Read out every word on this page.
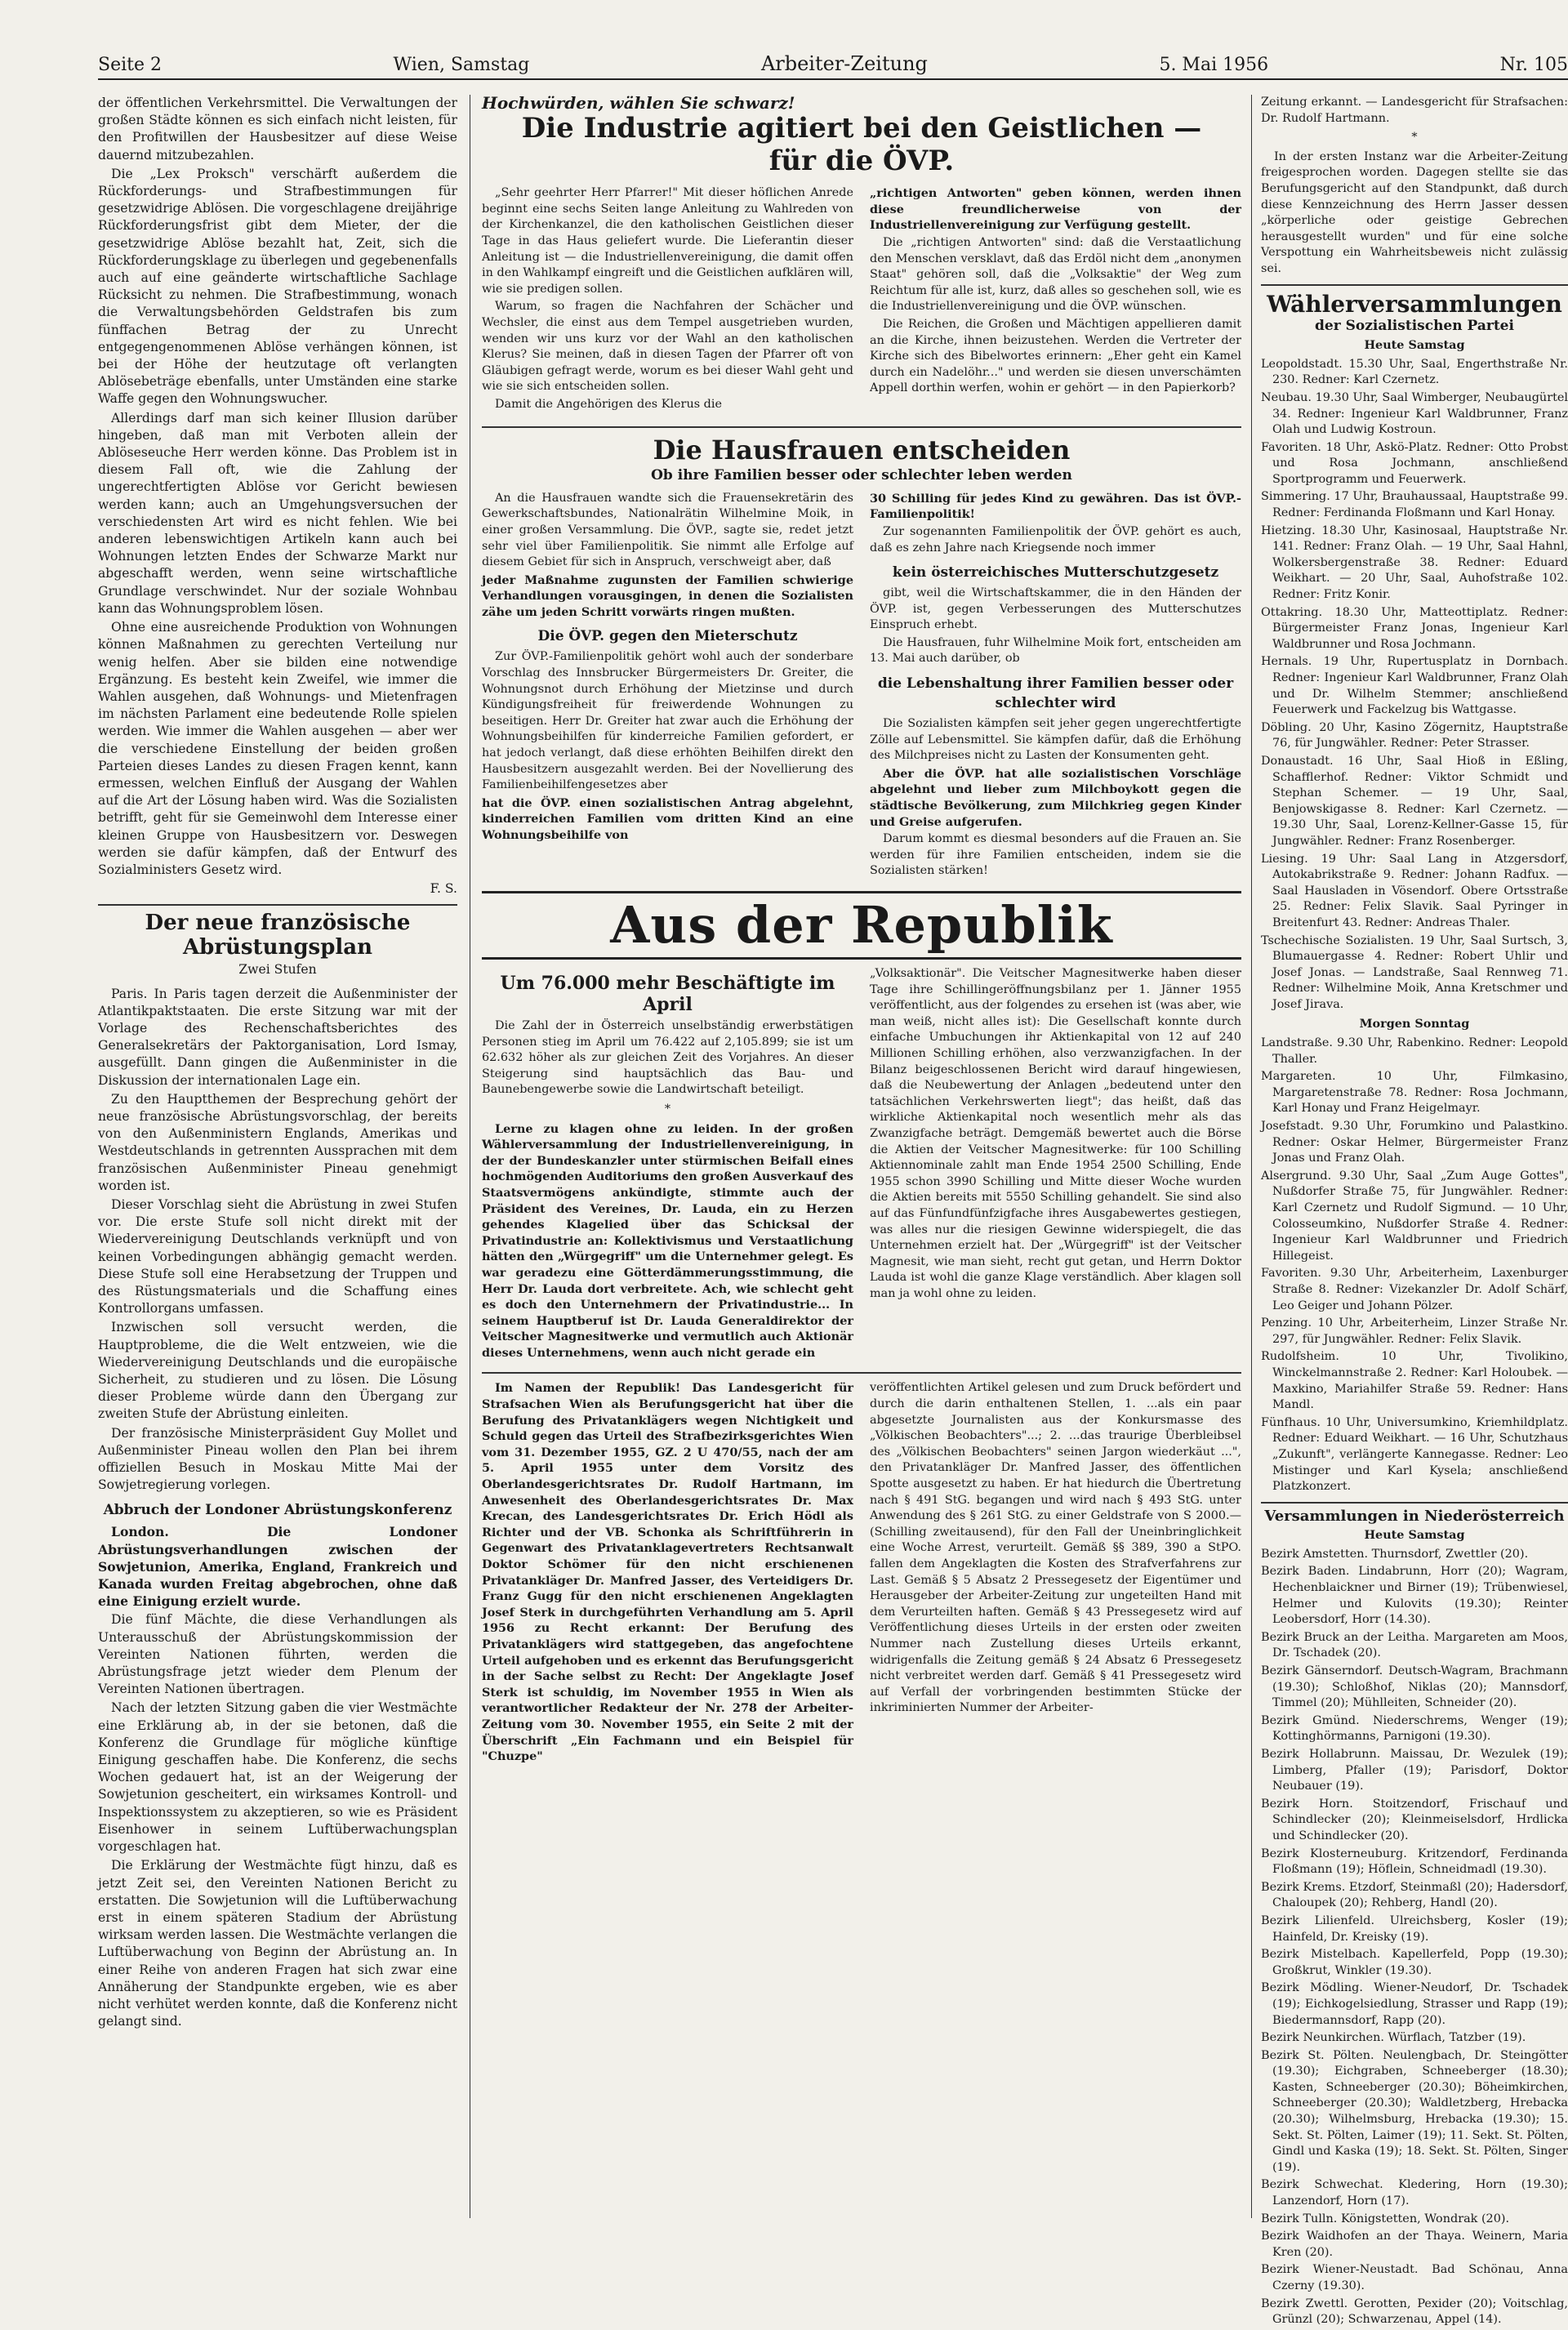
Seite 2	Wien, Samstag	Arbeiter-Zeitung	5. Mai 1956	Nr. 105

der öffentlichen Verkehrsmittel. Die Verwaltungen der großen Städte können es sich einfach nicht leisten, für den Profitwillen der Hausbesitzer auf diese Weise dauernd mitzubezahlen.

Die „Lex Proksch" verschärft außerdem die Rückforderungs- und Strafbestimmungen für gesetzwidrige Ablösen. Die vorgeschlagene dreijährige Rückforderungsfrist gibt dem Mieter, der die gesetzwidrige Ablöse bezahlt hat, Zeit, sich die Rückforderungsklage zu überlegen und gegebenenfalls auch auf eine geänderte wirtschaftliche Sachlage Rücksicht zu nehmen. Die Strafbestimmung, wonach die Verwaltungsbehörden Geldstrafen bis zum fünffachen Betrag der zu Unrecht entgegengenommenen Ablöse verhängen können, ist bei der Höhe der heutzutage oft verlangten Ablösebeträge ebenfalls, unter Umständen eine starke Waffe gegen den Wohnungswucher.

Allerdings darf man sich keiner Illusion darüber hingeben, daß man mit Verboten allein der Ablöseseuche Herr werden könne. Das Problem ist in diesem Fall oft, wie die Zahlung der ungerechtfertigten Ablöse vor Gericht bewiesen werden kann; auch an Umgehungsversuchen der verschiedensten Art wird es nicht fehlen. Wie bei anderen lebenswichtigen Artikeln kann auch bei Wohnungen letzten Endes der Schwarze Markt nur abgeschafft werden, wenn seine wirtschaftliche Grundlage verschwindet. Nur der soziale Wohnbau kann das Wohnungsproblem lösen.

Ohne eine ausreichende Produktion von Wohnungen können Maßnahmen zu gerechten Verteilung nur wenig helfen. Aber sie bilden eine notwendige Ergänzung. Es besteht kein Zweifel, wie immer die Wahlen ausgehen, daß Wohnungs- und Mietenfragen im nächsten Parlament eine bedeutende Rolle spielen werden. Wie immer die Wahlen ausgehen — aber wer die verschiedene Einstellung der beiden großen Parteien dieses Landes zu diesen Fragen kennt, kann ermessen, welchen Einfluß der Ausgang der Wahlen auf die Art der Lösung haben wird. Was die Sozialisten betrifft, geht für sie Gemeinwohl dem Interesse einer kleinen Gruppe von Hausbesitzern vor. Deswegen werden sie dafür kämpfen, daß der Entwurf des Sozialministers Gesetz wird.

F. S.

Der neue französische Abrüstungsplan
Zwei Stufen

Paris. In Paris tagen derzeit die Außenminister der Atlantikpaktstaaten. Die erste Sitzung war mit der Vorlage des Rechenschaftsberichtes des Generalsekretärs der Paktorganisation, Lord Ismay, ausgefüllt. Dann gingen die Außenminister in die Diskussion der internationalen Lage ein.

Zu den Hauptthemen der Besprechung gehört der neue französische Abrüstungsvorschlag, der bereits von den Außenministern Englands, Amerikas und Westdeutschlands in getrennten Aussprachen mit dem französischen Außenminister Pineau genehmigt worden ist.

Dieser Vorschlag sieht die Abrüstung in zwei Stufen vor. Die erste Stufe soll nicht direkt mit der Wiedervereinigung Deutschlands verknüpft und von keinen Vorbedingungen abhängig gemacht werden. Diese Stufe soll eine Herabsetzung der Truppen und des Rüstungsmaterials und die Schaffung eines Kontrollorgans umfassen.

Inzwischen soll versucht werden, die Hauptprobleme, die die Welt entzweien, wie die Wiedervereinigung Deutschlands und die europäische Sicherheit, zu studieren und zu lösen. Die Lösung dieser Probleme würde dann den Übergang zur zweiten Stufe der Abrüstung einleiten.

Der französische Ministerpräsident Guy Mollet und Außenminister Pineau wollen den Plan bei ihrem offiziellen Besuch in Moskau Mitte Mai der Sowjetregierung vorlegen.

Abbruch der Londoner Abrüstungskonferenz

London. Die Londoner Abrüstungsverhandlungen zwischen der Sowjetunion, Amerika, England, Frankreich und Kanada wurden Freitag abgebrochen, ohne daß eine Einigung erzielt wurde.

Die fünf Mächte, die diese Verhandlungen als Unterausschuß der Abrüstungskommission der Vereinten Nationen führten, werden die Abrüstungsfrage jetzt wieder dem Plenum der Vereinten Nationen übertragen.

Nach der letzten Sitzung gaben die vier Westmächte eine Erklärung ab, in der sie betonen, daß die Konferenz die Grundlage für mögliche künftige Einigung geschaffen habe. Die Konferenz, die sechs Wochen gedauert hat, ist an der Weigerung der Sowjetunion gescheitert, ein wirksames Kontroll- und Inspektionssystem zu akzeptieren, so wie es Präsident Eisenhower in seinem Luftüberwachungsplan vorgeschlagen hat.

Die Erklärung der Westmächte fügt hinzu, daß es jetzt Zeit sei, den Vereinten Nationen Bericht zu erstatten. Die Sowjetunion will die Luftüberwachung erst in einem späteren Stadium der Abrüstung wirksam werden lassen. Die Westmächte verlangen die Luftüberwachung von Beginn der Abrüstung an. In einer Reihe von anderen Fragen hat sich zwar eine Annäherung der Standpunkte ergeben, wie es aber nicht verhütet werden konnte, daß die Konferenz nicht gelangt sind.

Hochwürden, wählen Sie schwarz!
Die Industrie agitiert bei den Geistlichen —
für die ÖVP.

„Sehr geehrter Herr Pfarrer!" Mit dieser höflichen Anrede beginnt eine sechs Seiten lange Anleitung zu Wahlreden von der Kirchenkanzel, die den katholischen Geistlichen dieser Tage in das Haus geliefert wurde. Die Lieferantin dieser Anleitung ist — die Industriellenvereinigung, die damit offen in den Wahlkampf eingreift und die Geistlichen aufklären will, wie sie predigen sollen.

Warum, so fragen die Nachfahren der Schächer und Wechsler, die einst aus dem Tempel ausgetrieben wurden, wenden wir uns kurz vor der Wahl an den katholischen Klerus? Sie meinen, daß in diesen Tagen der Pfarrer oft von Gläubigen gefragt werde, worum es bei dieser Wahl geht und wie sie sich entscheiden sollen.

Damit die Angehörigen des Klerus die

„richtigen Antworten" geben können, werden ihnen diese freundlicherweise von der Industriellenvereinigung zur Verfügung gestellt.

Die „richtigen Antworten" sind: daß die Verstaatlichung den Menschen versklavt, daß das Erdöl nicht dem „anonymen Staat" gehören soll, daß die „Volksaktie" der Weg zum Reichtum für alle ist, kurz, daß alles so geschehen soll, wie es die Industriellenvereinigung und die ÖVP. wünschen.

Die Reichen, die Großen und Mächtigen appellieren damit an die Kirche, ihnen beizustehen. Werden die Vertreter der Kirche sich des Bibelwortes erinnern: „Eher geht ein Kamel durch ein Nadelöhr..." und werden sie diesen unverschämten Appell dorthin werfen, wohin er gehört — in den Papierkorb?

Die Hausfrauen entscheiden
Ob ihre Familien besser oder schlechter leben werden

An die Hausfrauen wandte sich die Frauensekretärin des Gewerkschaftsbundes, Nationalrätin Wilhelmine Moik, in einer großen Versammlung. Die ÖVP., sagte sie, redet jetzt sehr viel über Familienpolitik. Sie nimmt alle Erfolge auf diesem Gebiet für sich in Anspruch, verschweigt aber, daß

jeder Maßnahme zugunsten der Familien schwierige Verhandlungen vorausgingen, in denen die Sozialisten zähe um jeden Schritt vorwärts ringen mußten.

Die ÖVP. gegen den Mieterschutz

Zur ÖVP.-Familienpolitik gehört wohl auch der sonderbare Vorschlag des Innsbrucker Bürgermeisters Dr. Greiter, die Wohnungsnot durch Erhöhung der Mietzinse und durch Kündigungsfreiheit für freiwerdende Wohnungen zu beseitigen. Herr Dr. Greiter hat zwar auch die Erhöhung der Wohnungsbeihilfen für kinderreiche Familien gefordert, er hat jedoch verlangt, daß diese erhöhten Beihilfen direkt den Hausbesitzern ausgezahlt werden. Bei der Novellierung des Familienbeihilfengesetzes aber

hat die ÖVP. einen sozialistischen Antrag abgelehnt, kinderreichen Familien vom dritten Kind an eine Wohnungsbeihilfe von

30 Schilling für jedes Kind zu gewähren. Das ist ÖVP.-Familienpolitik!

Zur sogenannten Familienpolitik der ÖVP. gehört es auch, daß es zehn Jahre nach Kriegsende noch immer

kein österreichisches Mutterschutzgesetz

gibt, weil die Wirtschaftskammer, die in den Händen der ÖVP. ist, gegen Verbesserungen des Mutterschutzes Einspruch erhebt.

Die Hausfrauen, fuhr Wilhelmine Moik fort, entscheiden am 13. Mai auch darüber, ob

die Lebenshaltung ihrer Familien besser oder schlechter wird

Die Sozialisten kämpfen seit jeher gegen ungerechtfertigte Zölle auf Lebensmittel. Sie kämpfen dafür, daß die Erhöhung des Milchpreises nicht zu Lasten der Konsumenten geht.

Aber die ÖVP. hat alle sozialistischen Vorschläge abgelehnt und lieber zum Milchboykott gegen die städtische Bevölkerung, zum Milchkrieg gegen Kinder und Greise aufgerufen.

Darum kommt es diesmal besonders auf die Frauen an. Sie werden für ihre Familien entscheiden, indem sie die Sozialisten stärken!

Aus der Republik
Um 76.000 mehr Beschäftigte im April

Die Zahl der in Österreich unselbständig erwerbstätigen Personen stieg im April um 76.422 auf 2,105.899; sie ist um 62.632 höher als zur gleichen Zeit des Vorjahres. An dieser Steigerung sind hauptsächlich das Bau- und Baunebengewerbe sowie die Landwirtschaft beteiligt.

*

Lerne zu klagen ohne zu leiden. In der großen Wählerversammlung der Industriellenvereinigung, in der der Bundeskanzler unter stürmischen Beifall eines hochmögenden Auditoriums den großen Ausverkauf des Staatsvermögens ankündigte, stimmte auch der Präsident des Vereines, Dr. Lauda, ein zu Herzen gehendes Klagelied über das Schicksal der Privatindustrie an: Kollektivismus und Verstaatlichung hätten den „Würgegriff" um die Unternehmer gelegt. Es war geradezu eine Götterdämmerungsstimmung, die Herr Dr. Lauda dort verbreitete. Ach, wie schlecht geht es doch den Unternehmern der Privatindustrie... In seinem Hauptberuf ist Dr. Lauda Generaldirektor der Veitscher Magnesitwerke und vermutlich auch Aktionär dieses Unternehmens, wenn auch nicht gerade ein

„Volksaktionär". Die Veitscher Magnesitwerke haben dieser Tage ihre Schillingeröffnungsbilanz per 1. Jänner 1955 veröffentlicht, aus der folgendes zu ersehen ist (was aber, wie man weiß, nicht alles ist): Die Gesellschaft konnte durch einfache Umbuchungen ihr Aktienkapital von 12 auf 240 Millionen Schilling erhöhen, also verzwanzigfachen. In der Bilanz beigeschlossenen Bericht wird darauf hingewiesen, daß die Neubewertung der Anlagen „bedeutend unter den tatsächlichen Verkehrswerten liegt"; das heißt, daß das wirkliche Aktienkapital noch wesentlich mehr als das Zwanzigfache beträgt. Demgemäß bewertet auch die Börse die Aktien der Veitscher Magnesitwerke: für 100 Schilling Aktiennominale zahlt man Ende 1954 2500 Schilling, Ende 1955 schon 3990 Schilling und Mitte dieser Woche wurden die Aktien bereits mit 5550 Schilling gehandelt. Sie sind also auf das Fünfundfünfzigfache ihres Ausgabewertes gestiegen, was alles nur die riesigen Gewinne widerspiegelt, die das Unternehmen erzielt hat. Der „Würgegriff" ist der Veitscher Magnesit, wie man sieht, recht gut getan, und Herrn Doktor Lauda ist wohl die ganze Klage verständlich. Aber klagen soll man ja wohl ohne zu leiden.

Im Namen der Republik! Das Landesgericht für Strafsachen Wien als Berufungsgericht hat über die Berufung des Privatanklägers wegen Nichtigkeit und Schuld gegen das Urteil des Strafbezirksgerichtes Wien vom 31. Dezember 1955, GZ. 2 U 470/55, nach der am 5. April 1955 unter dem Vorsitz des Oberlandesgerichtsrates Dr. Rudolf Hartmann, im Anwesenheit des Oberlandesgerichtsrates Dr. Max Krecan, des Landesgerichtsrates Dr. Erich Hödl als Richter und der VB. Schonka als Schriftführerin in Gegenwart des Privatanklagevertreters Rechtsanwalt Doktor Schömer für den nicht erschienenen Privatankläger Dr. Manfred Jasser, des Verteidigers Dr. Franz Gugg für den nicht erschienenen Angeklagten Josef Sterk in durchgeführten Verhandlung am 5. April 1956 zu Recht erkannt: Der Berufung des Privatanklägers wird stattgegeben, das angefochtene Urteil aufgehoben und es erkennt das Berufungsgericht in der Sache selbst zu Recht: Der Angeklagte Josef Sterk ist schuldig, im November 1955 in Wien als verantwortlicher Redakteur der Nr. 278 der Arbeiter-Zeitung vom 30. November 1955, ein Seite 2 mit der Überschrift „Ein Fachmann und ein Beispiel für "Chuzpe"

veröffentlichten Artikel gelesen und zum Druck befördert und durch die darin enthaltenen Stellen, 1. ...als ein paar abgesetzte Journalisten aus der Konkursmasse des „Völkischen Beobachters"...; 2. ...das traurige Überbleibsel des „Völkischen Beobachters" seinen Jargon wiederkäut ...", den Privatankläger Dr. Manfred Jasser, des öffentlichen Spotte ausgesetzt zu haben. Er hat hiedurch die Übertretung nach § 491 StG. begangen und wird nach § 493 StG. unter Anwendung des § 261 StG. zu einer Geldstrafe von S 2000.— (Schilling zweitausend), für den Fall der Uneinbringlichkeit eine Woche Arrest, verurteilt. Gemäß §§ 389, 390 a StPO. fallen dem Angeklagten die Kosten des Strafverfahrens zur Last. Gemäß § 5 Absatz 2 Pressegesetz der Eigentümer und Herausgeber der Arbeiter-Zeitung zur ungeteilten Hand mit dem Verurteilten haften. Gemäß § 43 Pressegesetz wird auf Veröffentlichung dieses Urteils in der ersten oder zweiten Nummer nach Zustellung dieses Urteils erkannt, widrigenfalls die Zeitung gemäß § 24 Absatz 6 Pressegesetz nicht verbreitet werden darf. Gemäß § 41 Pressegesetz wird auf Verfall der vorbringenden bestimmten Stücke der inkriminierten Nummer der Arbeiter-

Zeitung erkannt. — Landesgericht für Strafsachen: Dr. Rudolf Hartmann.

*

In der ersten Instanz war die Arbeiter-Zeitung freigesprochen worden. Dagegen stellte sie das Berufungsgericht auf den Standpunkt, daß durch diese Kennzeichnung des Herrn Jasser dessen „körperliche oder geistige Gebrechen herausgestellt wurden" und für eine solche Verspottung ein Wahrheitsbeweis nicht zulässig sei.

Wählerversammlungen
der Sozialistischen Partei
Heute Samstag

Leopoldstadt. 15.30 Uhr, Saal, Engerthstraße Nr. 230. Redner: Karl Czernetz.

Neubau. 19.30 Uhr, Saal Wimberger, Neubaugürtel 34. Redner: Ingenieur Karl Waldbrunner, Franz Olah und Ludwig Kostroun.

Favoriten. 18 Uhr, Askö-Platz. Redner: Otto Probst und Rosa Jochmann, anschließend Sportprogramm und Feuerwerk.

Simmering. 17 Uhr, Brauhaussaal, Hauptstraße 99. Redner: Ferdinanda Floßmann und Karl Honay.

Hietzing. 18.30 Uhr, Kasinosaal, Hauptstraße Nr. 141. Redner: Franz Olah. — 19 Uhr, Saal Hahnl, Wolkersbergenstraße 38. Redner: Eduard Weikhart. — 20 Uhr, Saal, Auhofstraße 102. Redner: Fritz Konir.

Ottakring. 18.30 Uhr, Matteottiplatz. Redner: Bürgermeister Franz Jonas, Ingenieur Karl Waldbrunner und Rosa Jochmann.

Hernals. 19 Uhr, Rupertusplatz in Dornbach. Redner: Ingenieur Karl Waldbrunner, Franz Olah und Dr. Wilhelm Stemmer; anschließend Feuerwerk und Fackelzug bis Wattgasse.

Döbling. 20 Uhr, Kasino Zögernitz, Hauptstraße 76, für Jungwähler. Redner: Peter Strasser.

Donaustadt. 16 Uhr, Saal Hioß in Eßling, Schafflerhof. Redner: Viktor Schmidt und Stephan Schemer. — 19 Uhr, Saal, Benjowskigasse 8. Redner: Karl Czernetz. — 19.30 Uhr, Saal, Lorenz-Kellner-Gasse 15, für Jungwähler. Redner: Franz Rosenberger.

Liesing. 19 Uhr: Saal Lang in Atzgersdorf, Autokabrikstraße 9. Redner: Johann Radfux. — Saal Hausladen in Vösendorf. Obere Ortsstraße 25. Redner: Felix Slavik. Saal Pyringer in Breitenfurt 43. Redner: Andreas Thaler.

Tschechische Sozialisten. 19 Uhr, Saal Surtsch, 3, Blumauergasse 4. Redner: Robert Uhlir und Josef Jonas. — Landstraße, Saal Rennweg 71. Redner: Wilhelmine Moik, Anna Kretschmer und Josef Jirava.

Morgen Sonntag

Landstraße. 9.30 Uhr, Rabenkino. Redner: Leopold Thaller.

Margareten. 10 Uhr, Filmkasino, Margaretenstraße 78. Redner: Rosa Jochmann, Karl Honay und Franz Heigelmayr.

Josefstadt. 9.30 Uhr, Forumkino und Palastkino. Redner: Oskar Helmer, Bürgermeister Franz Jonas und Franz Olah.

Alsergrund. 9.30 Uhr, Saal „Zum Auge Gottes", Nußdorfer Straße 75, für Jungwähler. Redner: Karl Czernetz und Rudolf Sigmund. — 10 Uhr, Colosseumkino, Nußdorfer Straße 4. Redner: Ingenieur Karl Waldbrunner und Friedrich Hillegeist.

Favoriten. 9.30 Uhr, Arbeiterheim, Laxenburger Straße 8. Redner: Vizekanzler Dr. Adolf Schärf, Leo Geiger und Johann Pölzer.

Penzing. 10 Uhr, Arbeiterheim, Linzer Straße Nr. 297, für Jungwähler. Redner: Felix Slavik.

Rudolfsheim. 10 Uhr, Tivolikino, Winckelmannstraße 2. Redner: Karl Holoubek. — Maxkino, Mariahilfer Straße 59. Redner: Hans Mandl.

Fünfhaus. 10 Uhr, Universumkino, Kriemhildplatz. Redner: Eduard Weikhart. — 16 Uhr, Schutzhaus „Zukunft", verlängerte Kannegasse. Redner: Leo Mistinger und Karl Kysela; anschließend Platzkonzert.

Versammlungen in Niederösterreich
Heute Samstag

Bezirk Amstetten. Thurnsdorf, Zwettler (20).

Bezirk Baden. Lindabrunn, Horr (20); Wagram, Hechenblaickner und Birner (19); Trübenwiesel, Helmer und Kulovits (19.30); Reinter Leobersdorf, Horr (14.30).

Bezirk Bruck an der Leitha. Margareten am Moos, Dr. Tschadek (20).

Bezirk Gänserndorf. Deutsch-Wagram, Brachmann (19.30); Schloßhof, Niklas (20); Mannsdorf, Timmel (20); Mühlleiten, Schneider (20).

Bezirk Gmünd. Niederschrems, Wenger (19); Kottinghörmanns, Parnigoni (19.30).

Bezirk Hollabrunn. Maissau, Dr. Wezulek (19); Limberg, Pfaller (19); Parisdorf, Doktor Neubauer (19).

Bezirk Horn. Stoitzendorf, Frischauf und Schindlecker (20); Kleinmeiselsdorf, Hrdlicka und Schindlecker (20).

Bezirk Klosterneuburg. Kritzendorf, Ferdinanda Floßmann (19); Höflein, Schneidmadl (19.30).

Bezirk Krems. Etzdorf, Steinmaßl (20); Hadersdorf, Chaloupek (20); Rehberg, Handl (20).

Bezirk Lilienfeld. Ulreichsberg, Kosler (19); Hainfeld, Dr. Kreisky (19).

Bezirk Mistelbach. Kapellerfeld, Popp (19.30); Großkrut, Winkler (19.30).

Bezirk Mödling. Wiener-Neudorf, Dr. Tschadek (19); Eichkogelsiedlung, Strasser und Rapp (19); Biedermannsdorf, Rapp (20).

Bezirk Neunkirchen. Würflach, Tatzber (19).

Bezirk St. Pölten. Neulengbach, Dr. Steingötter (19.30); Eichgraben, Schneeberger (18.30); Kasten, Schneeberger (20.30); Böheimkirchen, Schneeberger (20.30); Waldletzberg, Hrebacka (20.30); Wilhelmsburg, Hrebacka (19.30); 15. Sekt. St. Pölten, Laimer (19); 11. Sekt. St. Pölten, Gindl und Kaska (19); 18. Sekt. St. Pölten, Singer (19).

Bezirk Schwechat. Kledering, Horn (19.30); Lanzendorf, Horn (17).

Bezirk Tulln. Königstetten, Wondrak (20).

Bezirk Waidhofen an der Thaya. Weinern, Maria Kren (20).

Bezirk Wiener-Neustadt. Bad Schönau, Anna Czerny (19.30).

Bezirk Zwettl. Gerotten, Pexider (20); Voitschlag, Grünzl (20); Schwarzenau, Appel (14).
